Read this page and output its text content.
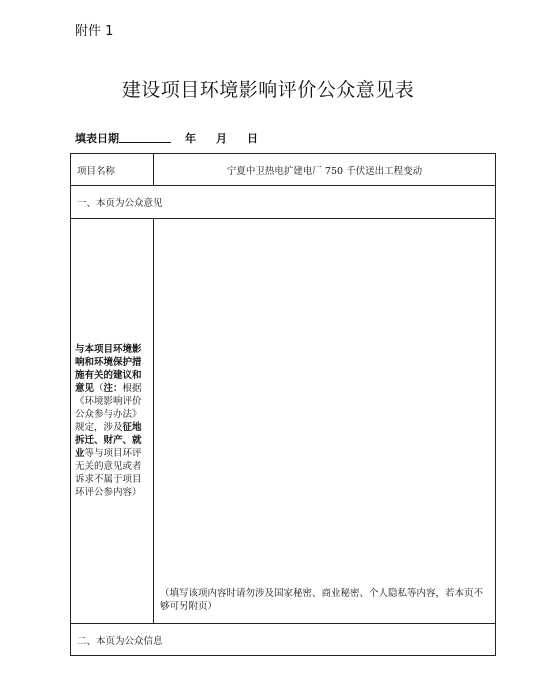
附件 1
建设项目环境影响评价公众意见表
填表日期	年 月 日
项目名称	宁夏中卫热电扩建电厂 750 千伏送出工程变动
一、本页为公众意见	
与本项目环境影响和环境保护措施有关的建议和意见（注：根据《环境影响评价公众参与办法》规定，涉及征地拆迁、财产、就业等与项目环评无关的意见或者诉求不属于项目环评公参内容）	（填写该项内容时请勿涉及国家秘密、商业秘密、个人隐私等内容，若本页不够可另附页）
二、本页为公众信息	
